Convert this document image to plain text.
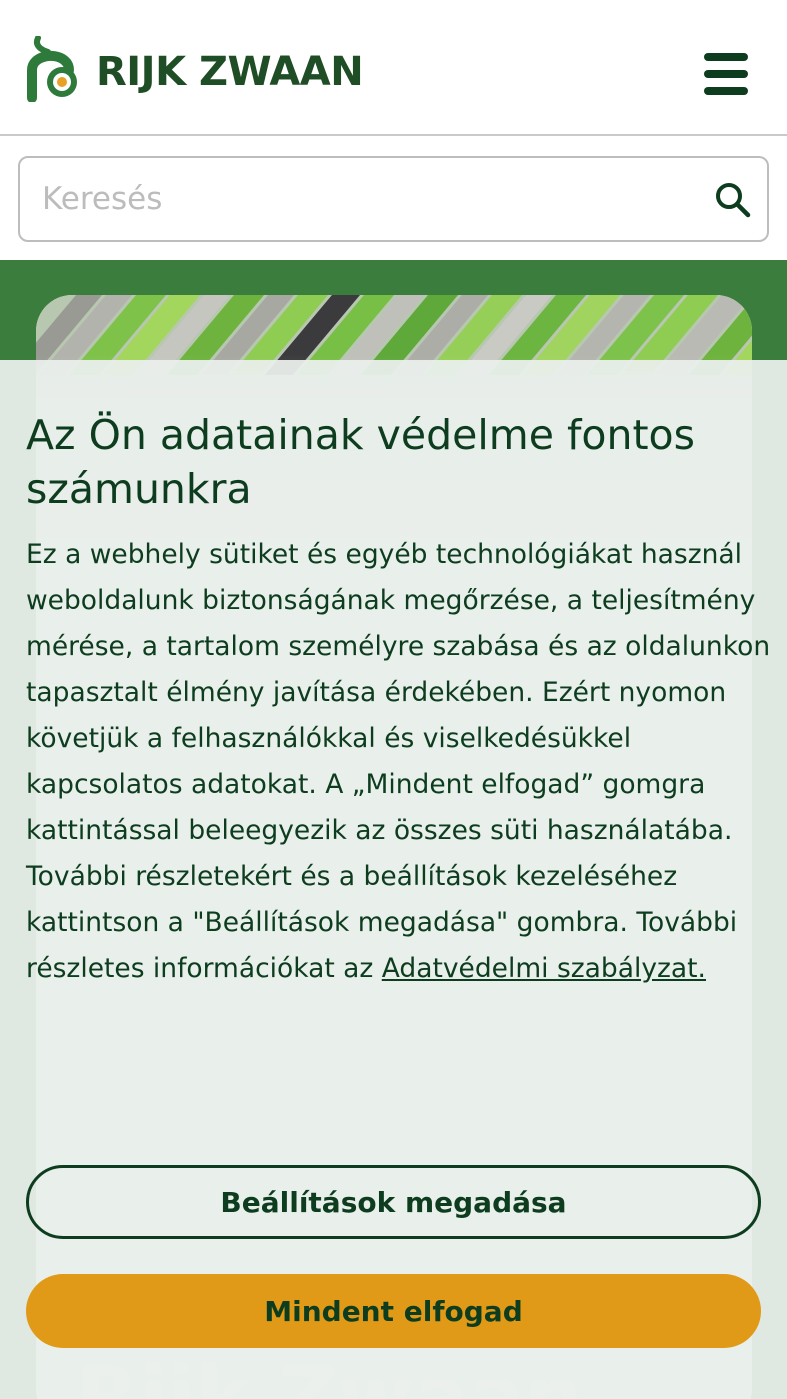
RIJK ZWAAN
Keresés
Az Ön adatainak védelme fontos számunkra

Ez a webhely sütiket és egyéb technológiákat használ weboldalunk biztonságának megőrzése, a teljesítmény mérése, a tartalom személyre szabása és az oldalunkon tapasztalt élmény javítása érdekében. Ezért nyomon követjük a felhasználókkal és viselkedésükkel kapcsolatos adatokat. A „Mindent elfogad” gomgra kattintással beleegyezik az összes süti használatába. További részletekért és a beállítások kezeléséhez kattintson a "Beállítások megadása" gombra. További részletes információkat az Adatvédelmi szabályzat.

Beállítások megadása
Mindent elfogad
